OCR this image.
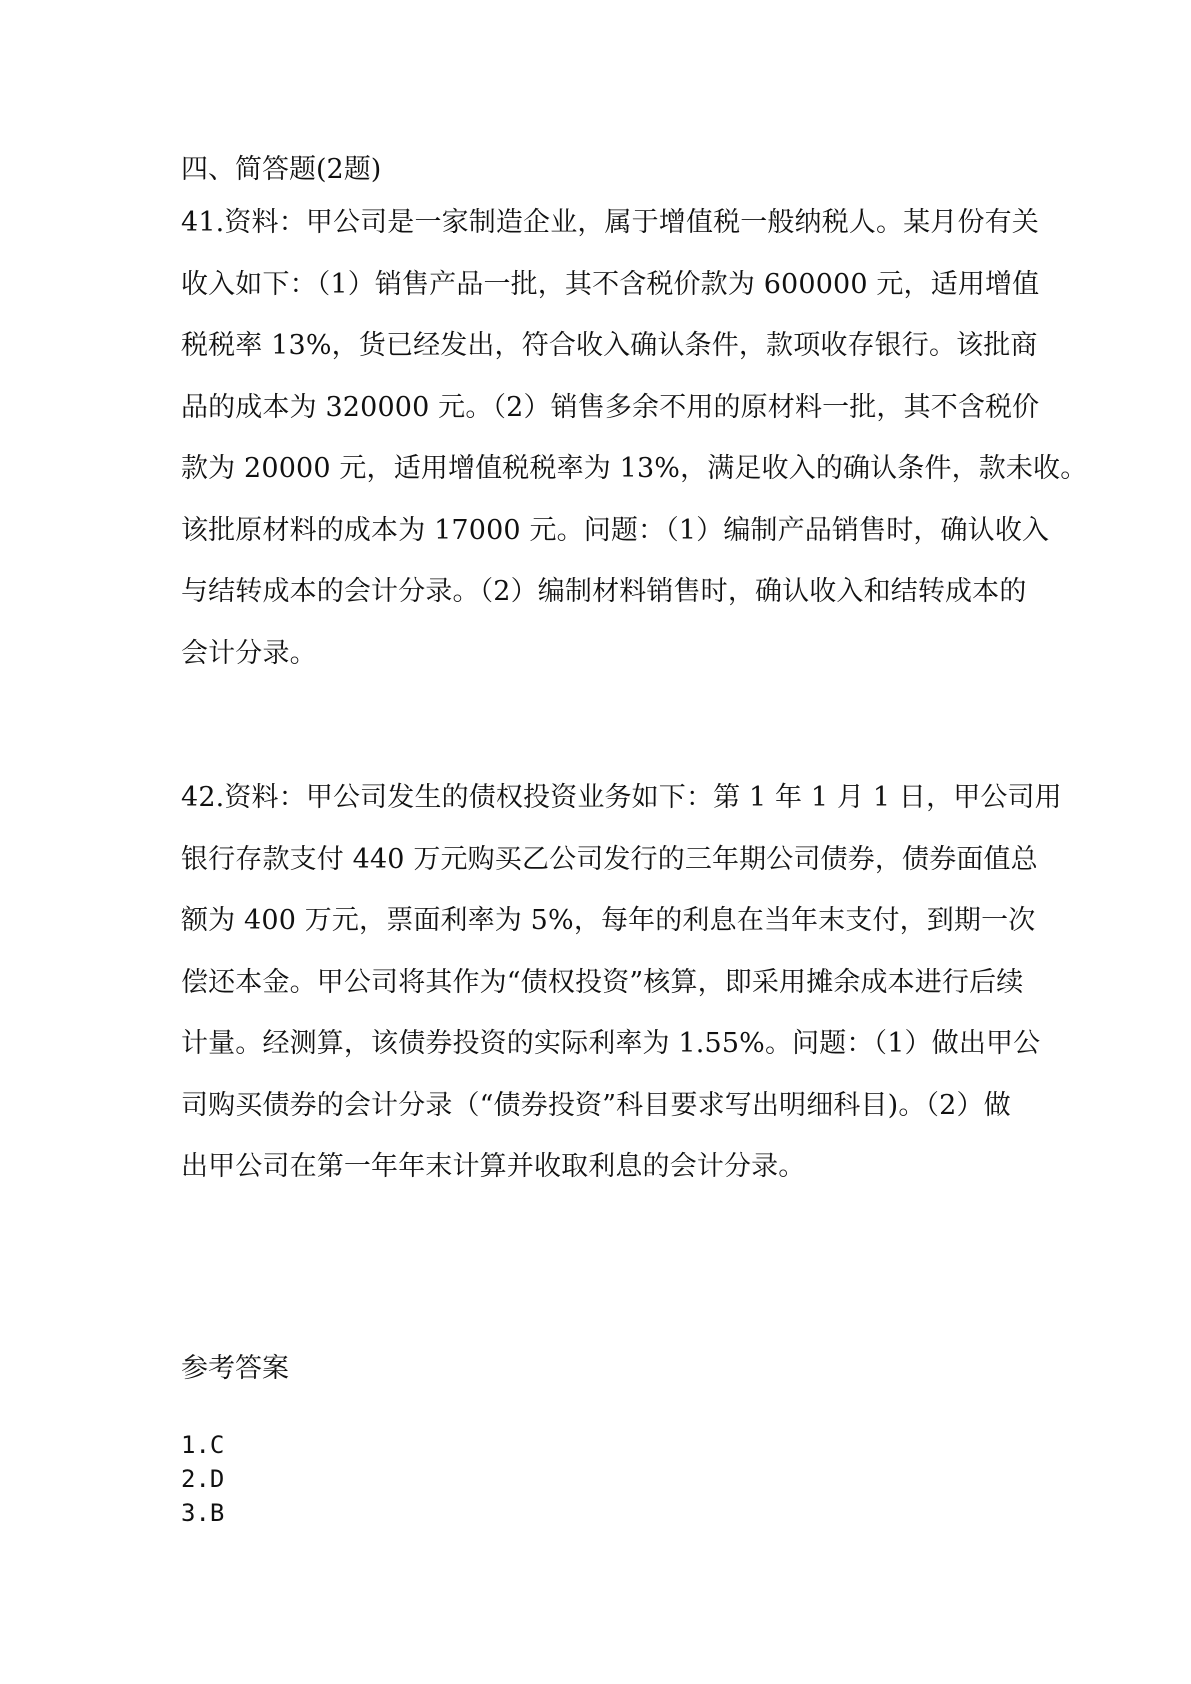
四、简答题(2题)
41.资料：甲公司是一家制造企业，属于增值税一般纳税人。某月份有关
收入如下：（1）销售产品一批，其不含税价款为 600000 元，适用增值
税税率 13%，货已经发出，符合收入确认条件，款项收存银行。该批商
品的成本为 320000 元。（2）销售多余不用的原材料一批，其不含税价
款为 20000 元，适用增值税税率为 13%，满足收入的确认条件，款未收。
该批原材料的成本为 17000 元。问题：（1）编制产品销售时，确认收入
与结转成本的会计分录。（2）编制材料销售时，确认收入和结转成本的
会计分录。
42.资料：甲公司发生的债权投资业务如下：第 1 年 1 月 1 日，甲公司用
银行存款支付 440 万元购买乙公司发行的三年期公司债券，债券面值总
额为 400 万元，票面利率为 5%，每年的利息在当年末支付，到期一次
偿还本金。甲公司将其作为“债权投资”核算，即采用摊余成本进行后续
计量。经测算，该债券投资的实际利率为 1.55%。问题：（1）做出甲公
司购买债券的会计分录（“债券投资”科目要求写出明细科目)。（2）做
出甲公司在第一年年末计算并收取利息的会计分录。
参考答案
1.C
2.D
3.B
